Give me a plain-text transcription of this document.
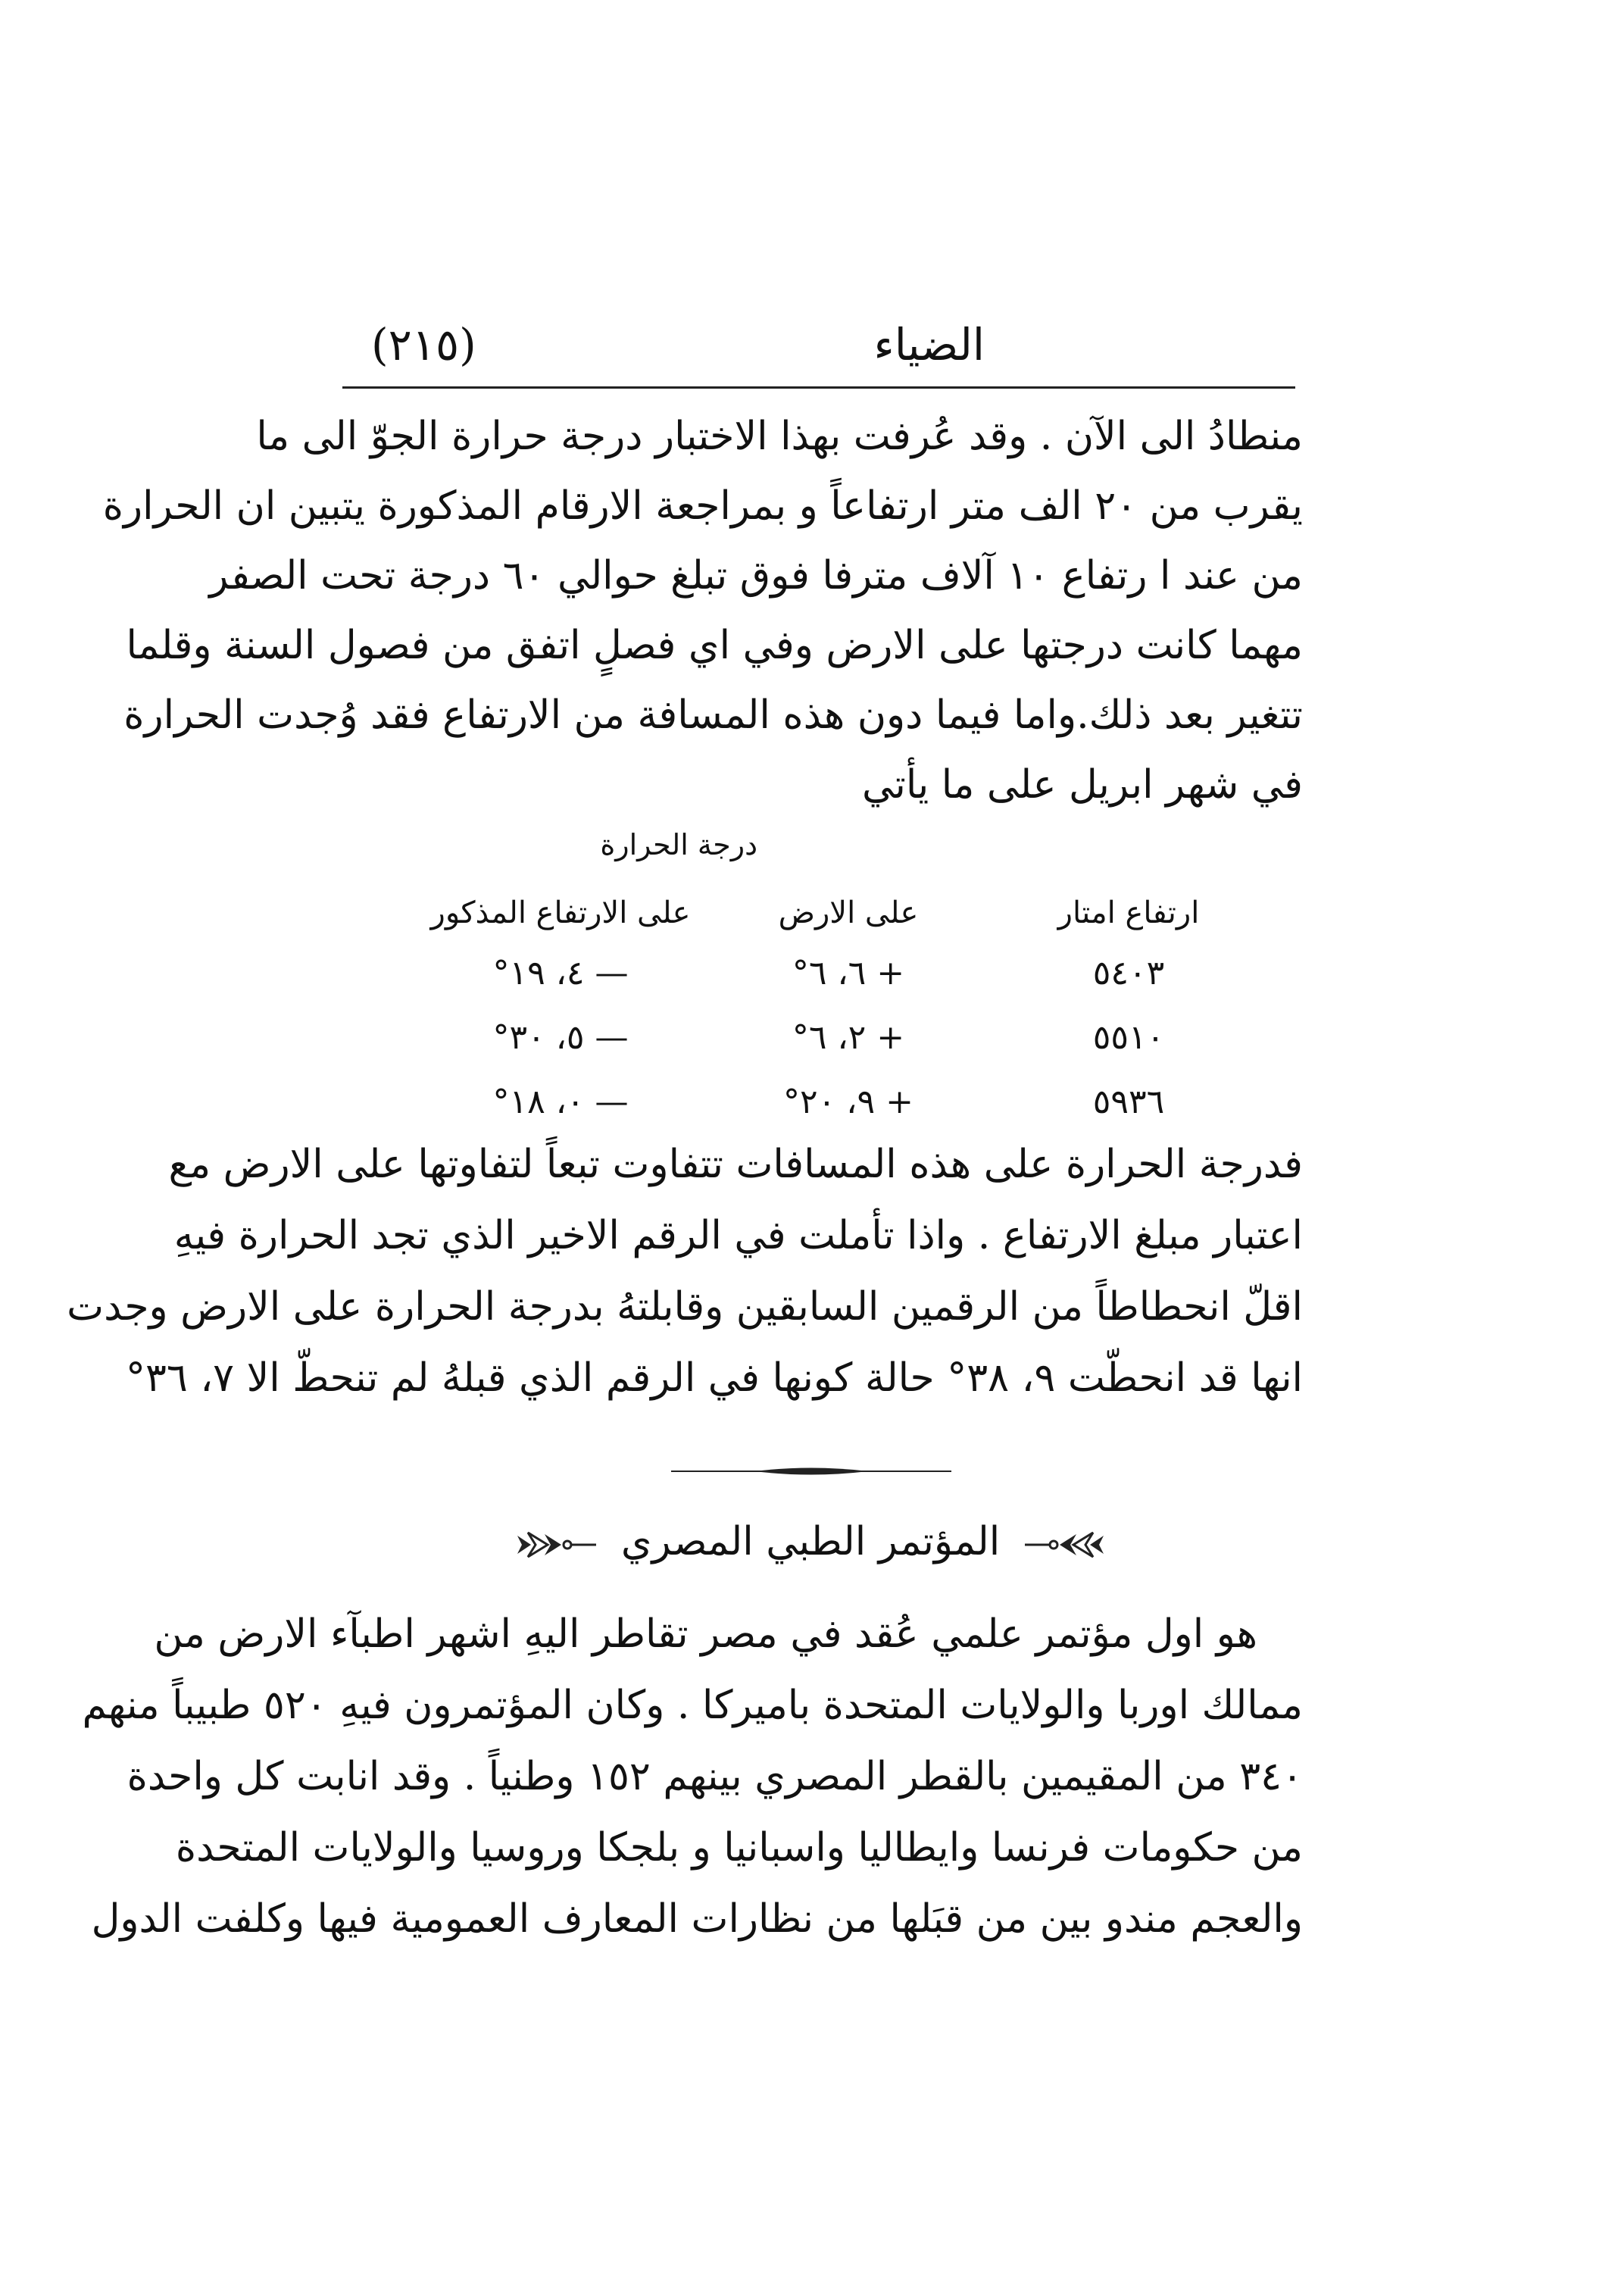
الضياء
(٢١٥)
منطادُ الى الآن . وقد عُرفت بهذا الاختبار درجة حرارة الجوّ الى ما
يقرب من ٢٠ الف متر ارتفاعاً و بمراجعة الارقام المذكورة يتبين ان الحرارة
من عند ا رتفاع ١٠ آلاف مترفا فوق تبلغ حوالي ٦٠ درجة تحت الصفر
مهما كانت درجتها على الارض وفي اي فصلٍ اتفق من فصول السنة وقلما
تتغير بعد ذلك.واما فيما دون هذه المسافة من الارتفاع فقد وُجدت الحرارة
في شهر ابريل على ما يأتي
درجة الحرارة
ارتفاع امتار
على الارض
على الارتفاع المذكور
٥٤٠٣
+ ٦، ٦°
— ٤، ١٩°
٥٥١٠
+ ٢، ٦°
— ٥، ٣٠°
٥٩٣٦
+ ٩، ٢٠°
— ٠، ١٨°
فدرجة الحرارة على هذه المسافات تتفاوت تبعاً لتفاوتها على الارض مع
اعتبار مبلغ الارتفاع . واذا تأملت في الرقم الاخير الذي تجد الحرارة فيهِ
اقلّ انحطاطاً من الرقمين السابقين وقابلتهُ بدرجة الحرارة على الارض وجدت
انها قد انحطّت ٩، ٣٨° حالة كونها في الرقم الذي قبلهُ لم تنحطّ الا ٧، ٣٦°
المؤتمر الطبي المصري
هو اول مؤتمر علمي عُقد في مصر تقاطر اليهِ اشهر اطبآء الارض من
ممالك اوربا والولايات المتحدة باميركا . وكان المؤتمرون فيهِ ٥٢٠ طبيباً منهم
٣٤٠ من المقيمين بالقطر المصري بينهم ١٥٢ وطنياً . وقد انابت كل واحدة
من حكومات فرنسا وايطاليا واسبانيا و بلجكا وروسيا والولايات المتحدة
والعجم مندو بين من قبَلها من نظارات المعارف العمومية فيها وكلفت الدول
